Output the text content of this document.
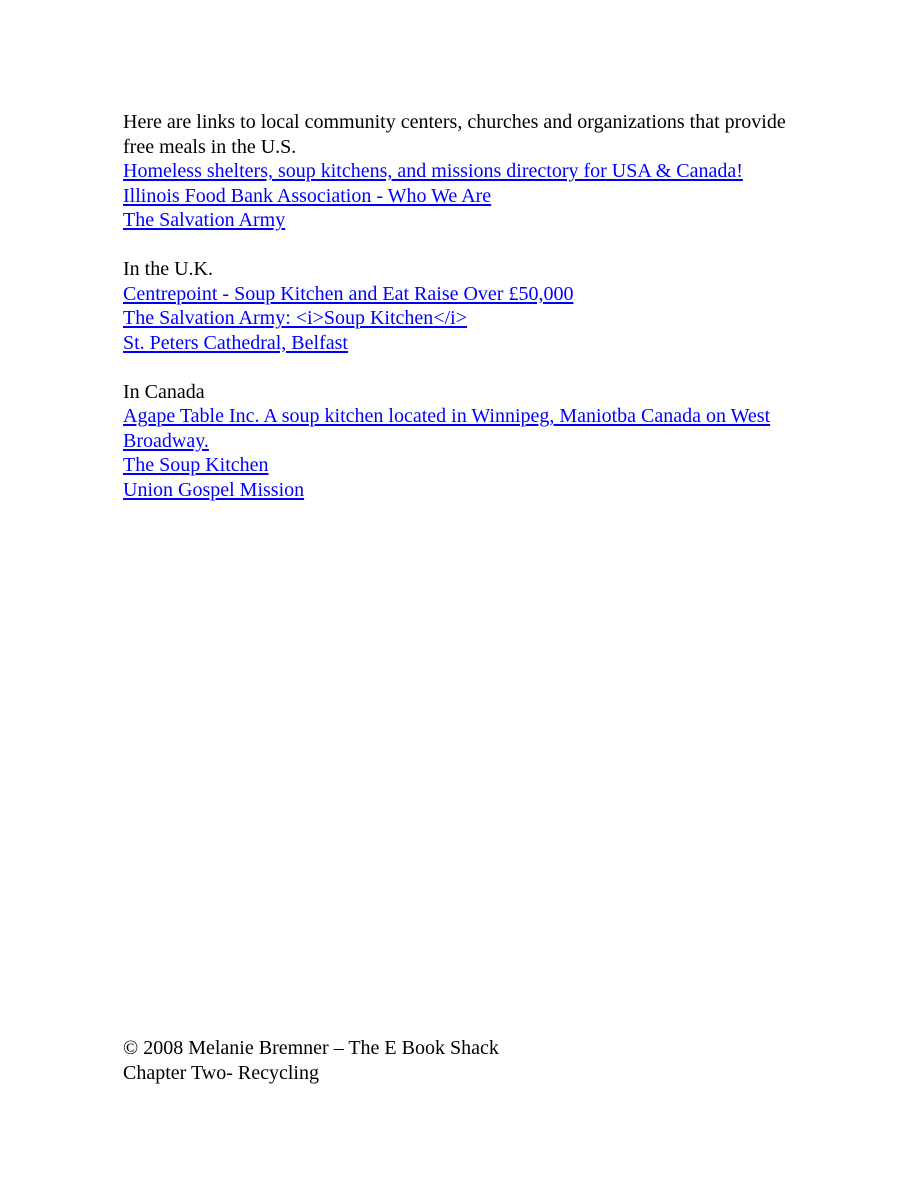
Here are links to local community centers, churches and organizations that provide free meals in the U.S.
Homeless shelters, soup kitchens, and missions directory for USA & Canada!
Illinois Food Bank Association - Who We Are
The Salvation Army
In the U.K.
Centrepoint - Soup Kitchen and Eat Raise Over £50,000
The Salvation Army: <i>Soup Kitchen</i>
St. Peters Cathedral, Belfast
In Canada
Agape Table Inc. A soup kitchen located in Winnipeg, Maniotba Canada on West Broadway.
The Soup Kitchen
Union Gospel Mission
© 2008 Melanie Bremner – The E Book Shack
Chapter Two- Recycling
